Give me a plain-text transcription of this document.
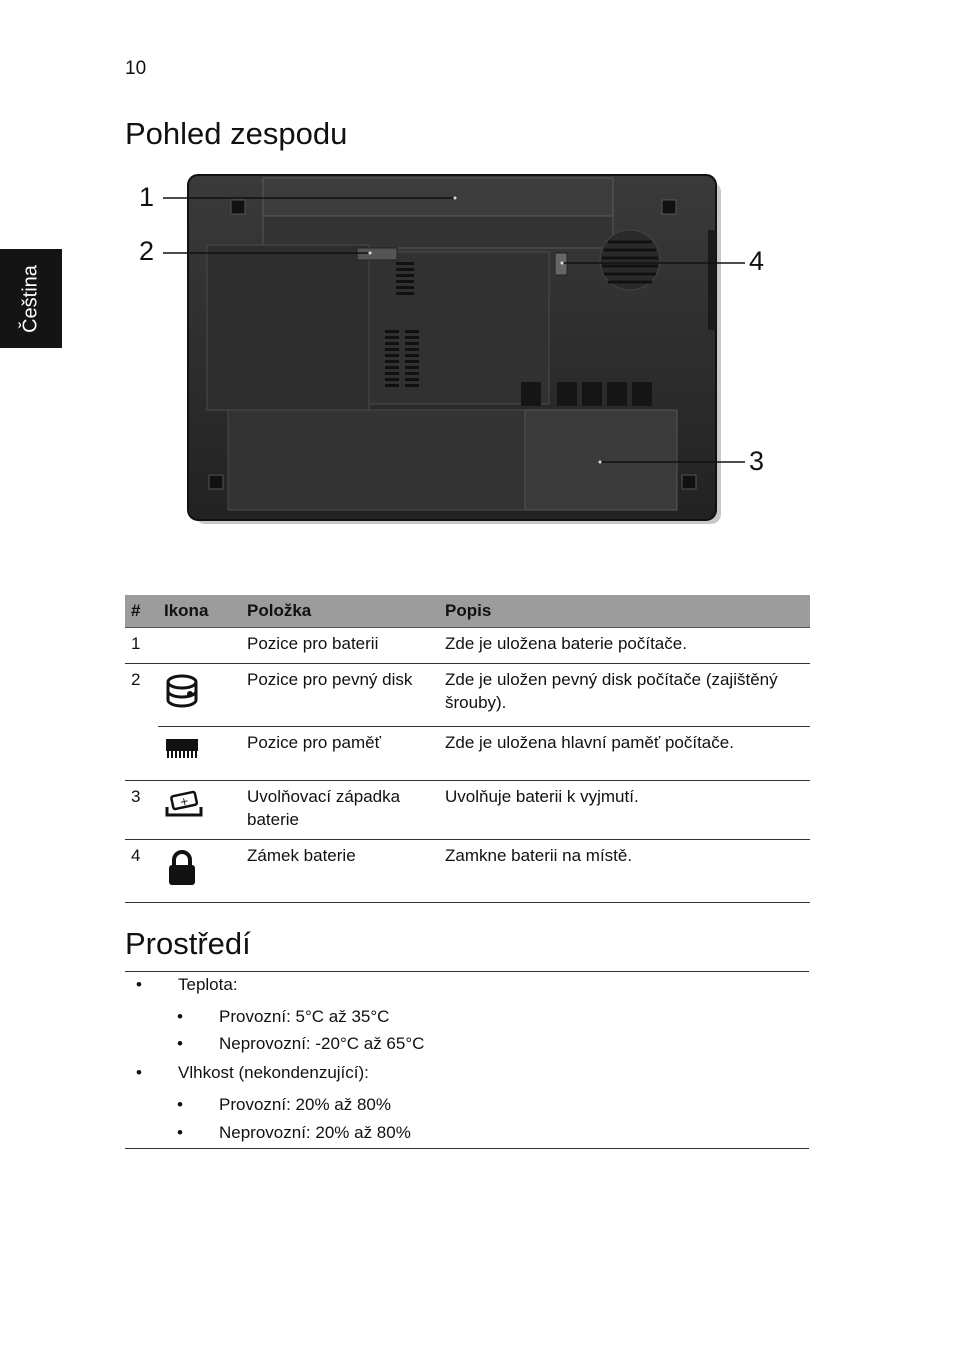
10
Čeština
Pohled zespodu
1
2
3
4
#	Ikona	Položka	Popis
1		Pozice pro baterii	Zde je uložena baterie počítače.
2		Pozice pro pevný disk	Zde je uložen pevný disk počítače (zajištěný šrouby).
		Pozice pro paměť	Zde je uložena hlavní paměť počítače.
3	+	Uvolňovací západka baterie	Uvolňuje baterii k vyjmutí.
4		Zámek baterie	Zamkne baterii na místě.
Prostředí
• Teplota:
• Provozní: 5°C až 35°C
• Neprovozní: -20°C až 65°C
• Vlhkost (nekondenzující):
• Provozní: 20% až 80%
• Neprovozní: 20% až 80%
